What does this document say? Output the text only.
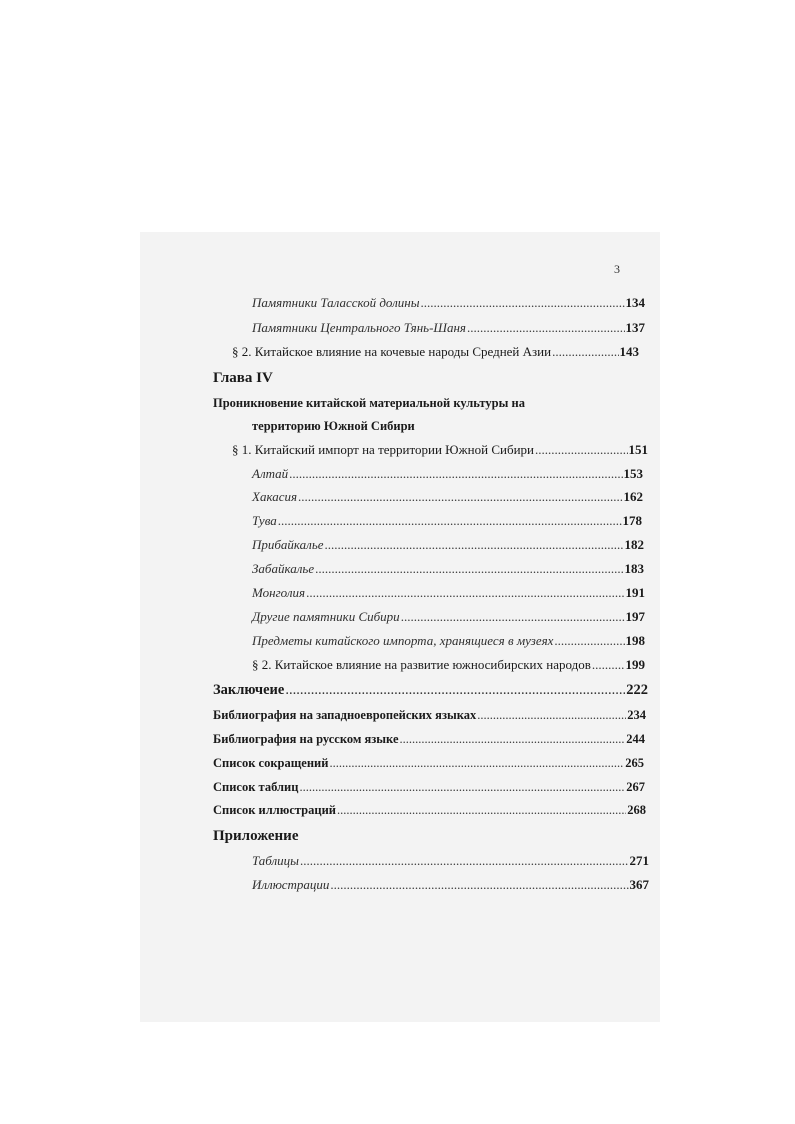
3
Памятники Таласской долины .....	134
Памятники Центрального Тянь-Шаня .....	137
§ 2. Китайское влияние на кочевые народы Средней Азии .....	143
Глава IV
Проникновение китайской материальной культуры на
территорию Южной Сибири
§ 1. Китайский импорт на территории Южной Сибири .....	151
Алтай .....	153
Хакасия .....	162
Тува .....	178
Прибайкалье .....	182
Забайкалье .....	183
Монголия .....	191
Другие памятники Сибири .....	197
Предметы китайского импорта, хранящиеся в музеях .....	198
§ 2. Китайское влияние на развитие южносибирских народов .....	199
Заключеие .....	222
Библиография на западноевропейских языках .....	234
Библиография на русском языке .....	244
Список сокращений .....	265
Список таблиц .....	267
Список иллюстраций .....	268
Приложение
Таблицы .....	271
Иллюстрации .....	367
